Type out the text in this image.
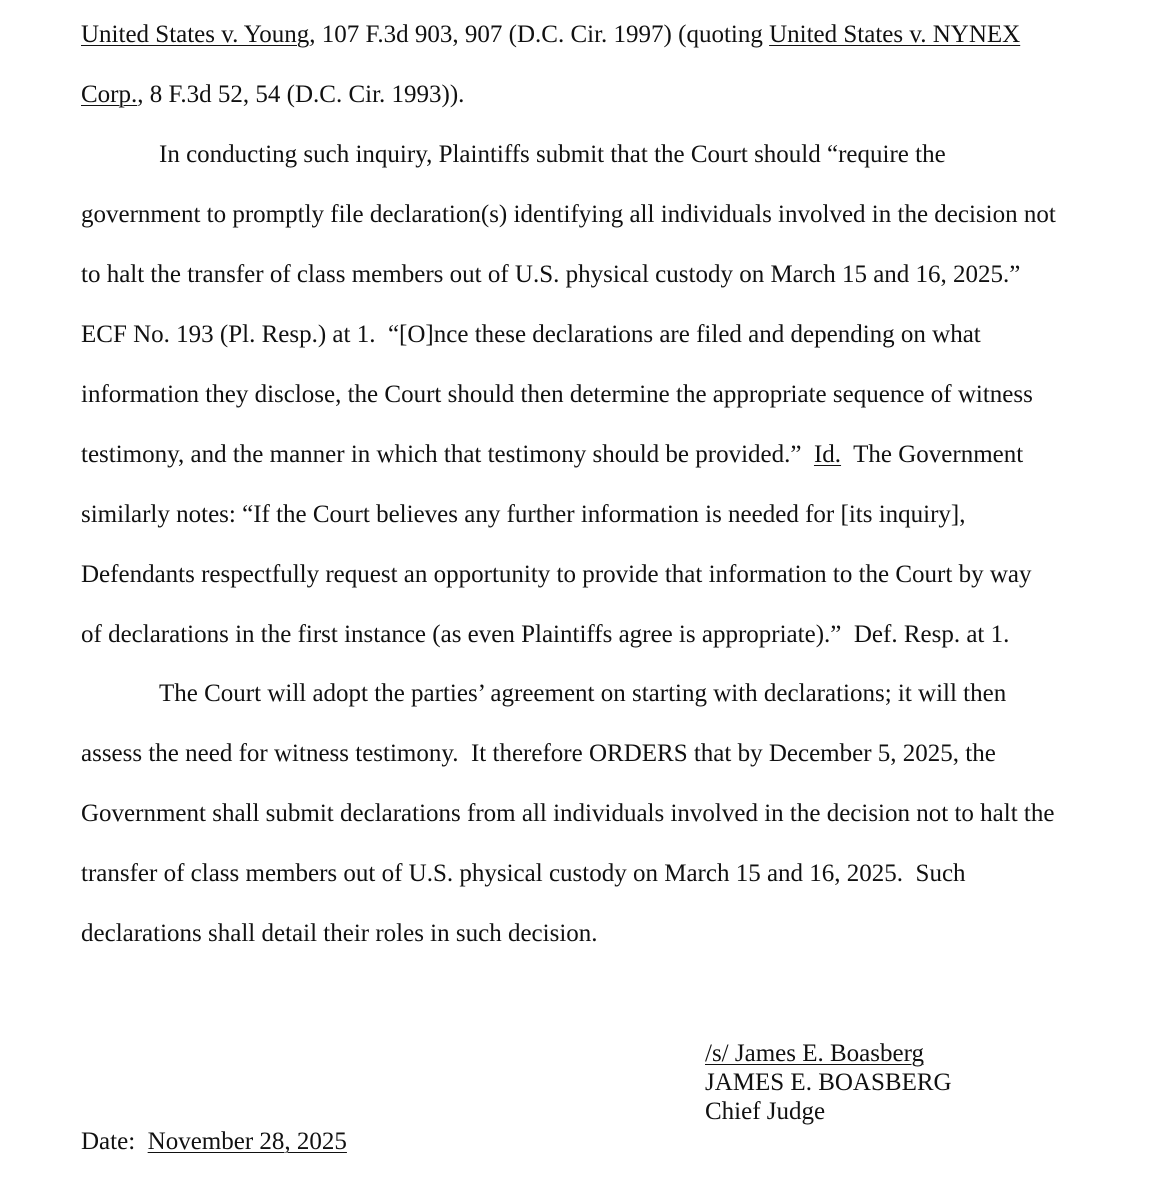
United States v. Young, 107 F.3d 903, 907 (D.C. Cir. 1997) (quoting United States v. NYNEX
Corp., 8 F.3d 52, 54 (D.C. Cir. 1993)).
In conducting such inquiry, Plaintiffs submit that the Court should “require the
government to promptly file declaration(s) identifying all individuals involved in the decision not
to halt the transfer of class members out of U.S. physical custody on March 15 and 16, 2025.”
ECF No. 193 (Pl. Resp.) at 1.  “[O]nce these declarations are filed and depending on what
information they disclose, the Court should then determine the appropriate sequence of witness
testimony, and the manner in which that testimony should be provided.”  Id.  The Government
similarly notes: “If the Court believes any further information is needed for [its inquiry],
Defendants respectfully request an opportunity to provide that information to the Court by way
of declarations in the first instance (as even Plaintiffs agree is appropriate).”  Def. Resp. at 1.
The Court will adopt the parties’ agreement on starting with declarations; it will then
assess the need for witness testimony.  It therefore ORDERS that by December 5, 2025, the
Government shall submit declarations from all individuals involved in the decision not to halt the
transfer of class members out of U.S. physical custody on March 15 and 16, 2025.  Such
declarations shall detail their roles in such decision.
/s/ James E. Boasberg
JAMES E. BOASBERG
Chief Judge
Date:  November 28, 2025
